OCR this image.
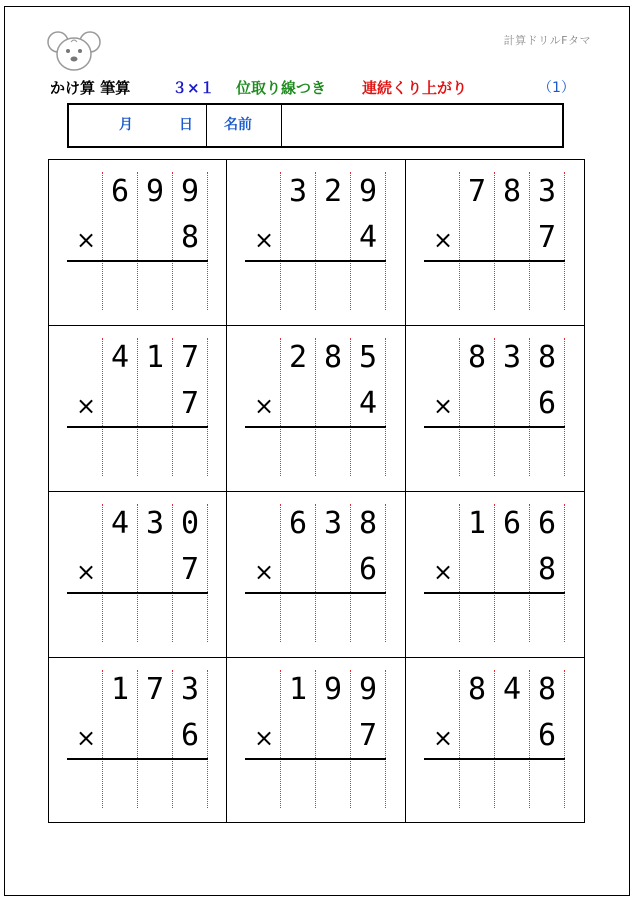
計算ドリルFタマ
かけ算 筆算	３×１ 位取り線つき 連続くり上がり	（1）
月	日 名前
6 9 9
×	8
3 2 9
×	4
7 8 3
×	7
4 1 7
×	7
2 8 5
×	4
8 3 8
×	6
4 3 0
×	7
6 3 8
×	6
1 6 6
×	8
1 7 3
×	6
1 9 9
×	7
8 4 8
×	6
